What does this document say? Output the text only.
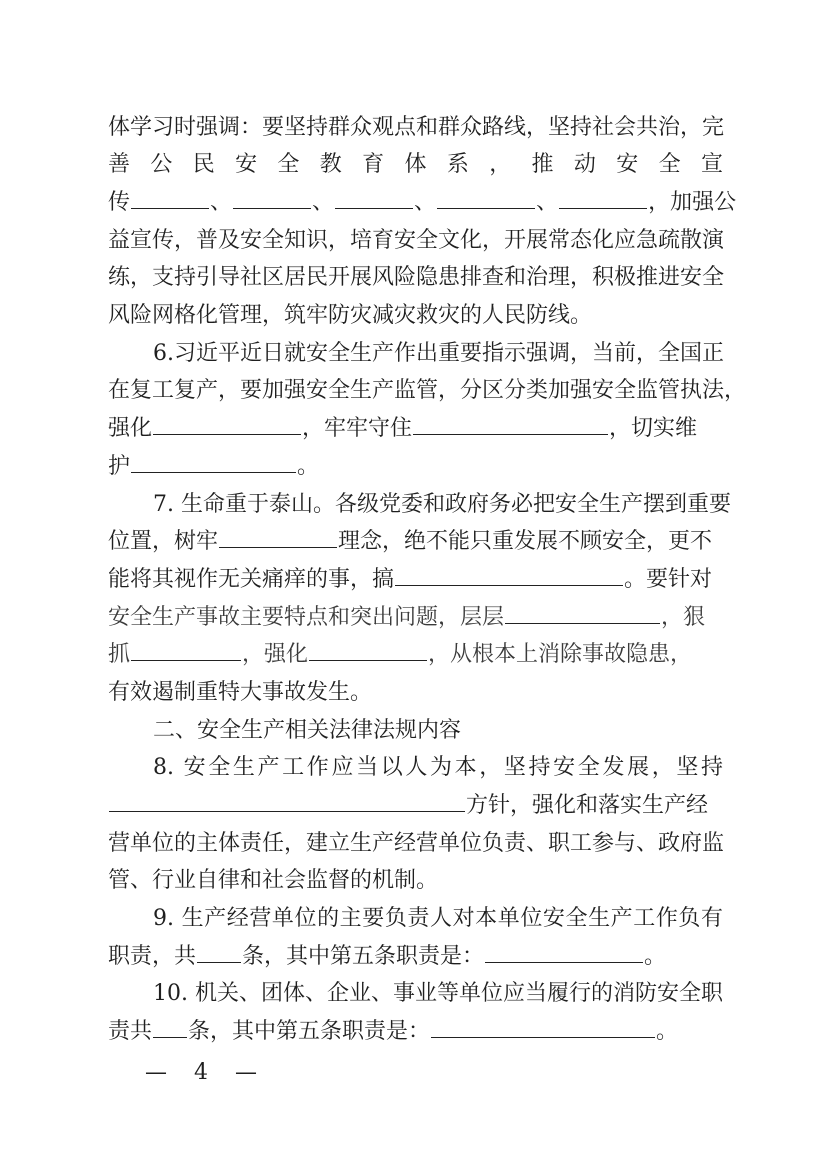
体学习时强调：要坚持群众观点和群众路线，坚持社会共治，完
善公民安全教育体系，推动安全宣
传	、	、	、	、	，加强公
益宣传，普及安全知识，培育安全文化，开展常态化应急疏散演
练，支持引导社区居民开展风险隐患排查和治理，积极推进安全
风险网格化管理，筑牢防灾减灾救灾的人民防线。
6.习近平近日就安全生产作出重要指示强调，当前，全国正
在复工复产，要加强安全生产监管，分区分类加强安全监管执法，
强化	，牢牢守住	，切实维
护	。
7. 生命重于泰山。各级党委和政府务必把安全生产摆到重要
位置，树牢	理念，绝不能只重发展不顾安全，更不
能将其视作无关痛痒的事，搞	。要针对
安全生产事故主要特点和突出问题，层层	，狠
抓	，强化	，从根本上消除事故隐患，
有效遏制重特大事故发生。
二、安全生产相关法律法规内容
8. 安全生产工作应当以人为本，坚持安全发展，坚持
方针，强化和落实生产经
营单位的主体责任，建立生产经营单位负责、职工参与、政府监
管、行业自律和社会监督的机制。
9. 生产经营单位的主要负责人对本单位安全生产工作负有
职责，共 条，其中第五条职责是：	。
10. 机关、团体、企业、事业等单位应当履行的消防安全职
责共 条，其中第五条职责是：	。
— 4 —
